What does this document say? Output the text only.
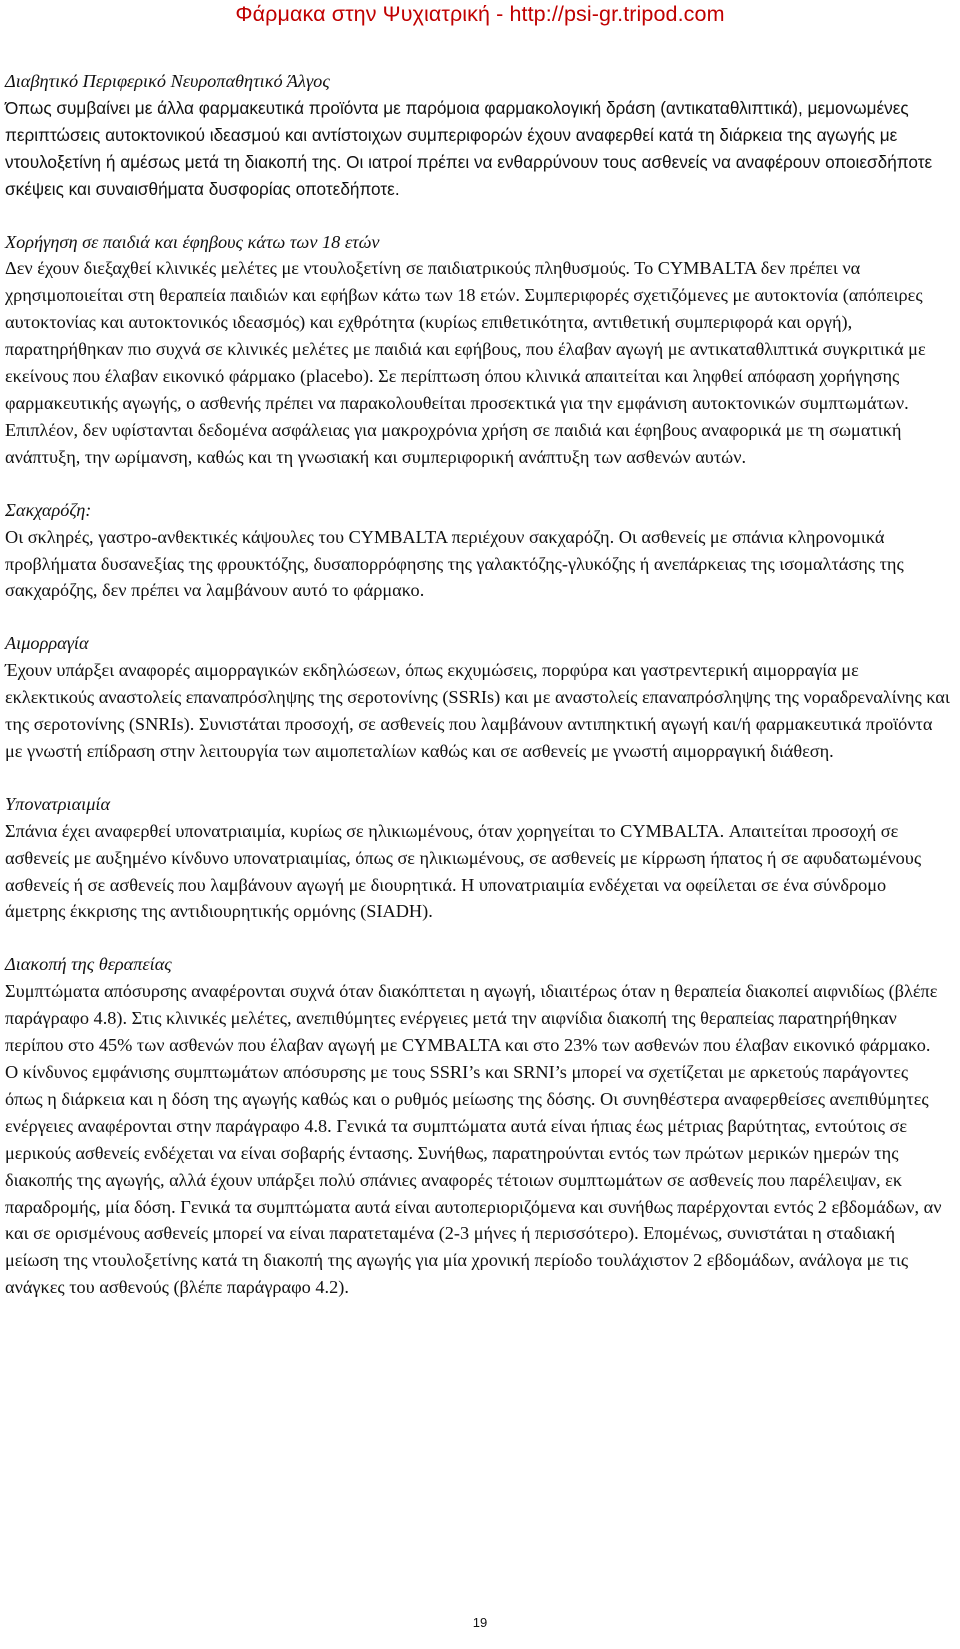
Φάρμακα στην Ψυχιατρική - http://psi-gr.tripod.com
Διαβητικό Περιφερικό Νευροπαθητικό Άλγος

Όπως συμβαίνει με άλλα φαρμακευτικά προϊόντα με παρόμοια φαρμακολογική δράση (αντικαταθλιπτικά), μεμονωμένες περιπτώσεις αυτοκτονικού ιδεασμού και αντίστοιχων συμπεριφορών έχουν αναφερθεί κατά τη διάρκεια της αγωγής με ντουλοξετίνη ή αμέσως μετά τη διακοπή της. Οι ιατροί πρέπει να ενθαρρύνουν τους ασθενείς να αναφέρουν οποιεσδήποτε σκέψεις και συναισθήματα δυσφορίας οποτεδήποτε.

Χορήγηση σε παιδιά και έφηβους κάτω των 18 ετών

Δεν έχουν διεξαχθεί κλινικές μελέτες με ντουλοξετίνη σε παιδιατρικούς πληθυσμούς. Το CYMBALTA δεν πρέπει να χρησιμοποιείται στη θεραπεία παιδιών και εφήβων κάτω των 18 ετών. Συμπεριφορές σχετιζόμενες με αυτοκτονία (απόπειρες αυτοκτονίας και αυτοκτονικός ιδεασμός) και εχθρότητα (κυρίως επιθετικότητα, αντιθετική συμπεριφορά και οργή), παρατηρήθηκαν πιο συχνά σε κλινικές μελέτες με παιδιά και εφήβους, που έλαβαν αγωγή με αντικαταθλιπτικά συγκριτικά με εκείνους που έλαβαν εικονικό φάρμακο (placebo). Σε περίπτωση όπου κλινικά απαιτείται και ληφθεί απόφαση χορήγησης φαρμακευτικής αγωγής, ο ασθενής πρέπει να παρακολουθείται προσεκτικά για την εμφάνιση αυτοκτονικών συμπτωμάτων. Επιπλέον, δεν υφίστανται δεδομένα ασφάλειας για μακροχρόνια χρήση σε παιδιά και έφηβους αναφορικά με τη σωματική ανάπτυξη, την ωρίμανση, καθώς και τη γνωσιακή και συμπεριφορική ανάπτυξη των ασθενών αυτών.

Σακχαρόζη:

Οι σκληρές, γαστρο-ανθεκτικές κάψουλες του CYMBALTA περιέχουν σακχαρόζη. Οι ασθενείς με σπάνια κληρονομικά προβλήματα δυσανεξίας της φρουκτόζης, δυσαπορρόφησης της γαλακτόζης-γλυκόζης ή ανεπάρκειας της ισομαλτάσης της σακχαρόζης, δεν πρέπει να λαμβάνουν αυτό το φάρμακο.

Αιμορραγία

Έχουν υπάρξει αναφορές αιμορραγικών εκδηλώσεων, όπως εκχυμώσεις, πορφύρα και γαστρεντερική αιμορραγία με εκλεκτικούς αναστολείς επαναπρόσληψης της σεροτονίνης (SSRIs) και με αναστολείς επαναπρόσληψης της νοραδρεναλίνης και της σεροτονίνης (SNRIs). Συνιστάται προσοχή, σε ασθενείς που λαμβάνουν αντιπηκτική αγωγή και/ή φαρμακευτικά προϊόντα με γνωστή επίδραση στην λειτουργία των αιμοπεταλίων καθώς και σε ασθενείς με γνωστή αιμορραγική διάθεση.

Υπονατριαιμία

Σπάνια έχει αναφερθεί υπονατριαιμία, κυρίως σε ηλικιωμένους, όταν χορηγείται το CYMBALTA. Απαιτείται προσοχή σε ασθενείς με αυξημένο κίνδυνο υπονατριαιμίας, όπως σε ηλικιωμένους, σε ασθενείς με κίρρωση ήπατος ή σε αφυδατωμένους ασθενείς ή σε ασθενείς που λαμβάνουν αγωγή με διουρητικά. Η υπονατριαιμία ενδέχεται να οφείλεται σε ένα σύνδρομο άμετρης έκκρισης της αντιδιουρητικής ορμόνης (SIADH).

Διακοπή της θεραπείας

Συμπτώματα απόσυρσης αναφέρονται συχνά όταν διακόπτεται η αγωγή, ιδιαιτέρως όταν η θεραπεία διακοπεί αιφνιδίως (βλέπε παράγραφο 4.8). Στις κλινικές μελέτες, ανεπιθύμητες ενέργειες μετά την αιφνίδια διακοπή της θεραπείας παρατηρήθηκαν περίπου στο 45% των ασθενών που έλαβαν αγωγή με CYMBALTA και στο 23% των ασθενών που έλαβαν εικονικό φάρμακο.

Ο κίνδυνος εμφάνισης συμπτωμάτων απόσυρσης με τους SSRI’s και SRNI’s μπορεί να σχετίζεται με αρκετούς παράγοντες όπως η διάρκεια και η δόση της αγωγής καθώς και ο ρυθμός μείωσης της δόσης. Οι συνηθέστερα αναφερθείσες ανεπιθύμητες ενέργειες αναφέρονται στην παράγραφο 4.8. Γενικά τα συμπτώματα αυτά είναι ήπιας έως μέτριας βαρύτητας, εντούτοις σε μερικούς ασθενείς ενδέχεται να είναι σοβαρής έντασης. Συνήθως, παρατηρούνται εντός των πρώτων μερικών ημερών της διακοπής της αγωγής, αλλά έχουν υπάρξει πολύ σπάνιες αναφορές τέτοιων συμπτωμάτων σε ασθενείς που παρέλειψαν, εκ παραδρομής, μία δόση. Γενικά τα συμπτώματα αυτά είναι αυτοπεριοριζόμενα και συνήθως παρέρχονται εντός 2 εβδομάδων, αν και σε ορισμένους ασθενείς μπορεί να είναι παρατεταμένα (2-3 μήνες ή περισσότερο). Επομένως, συνιστάται η σταδιακή μείωση της ντουλοξετίνης κατά τη διακοπή της αγωγής για μία χρονική περίοδο τουλάχιστον 2 εβδομάδων, ανάλογα με τις ανάγκες του ασθενούς (βλέπε παράγραφο 4.2).

19
